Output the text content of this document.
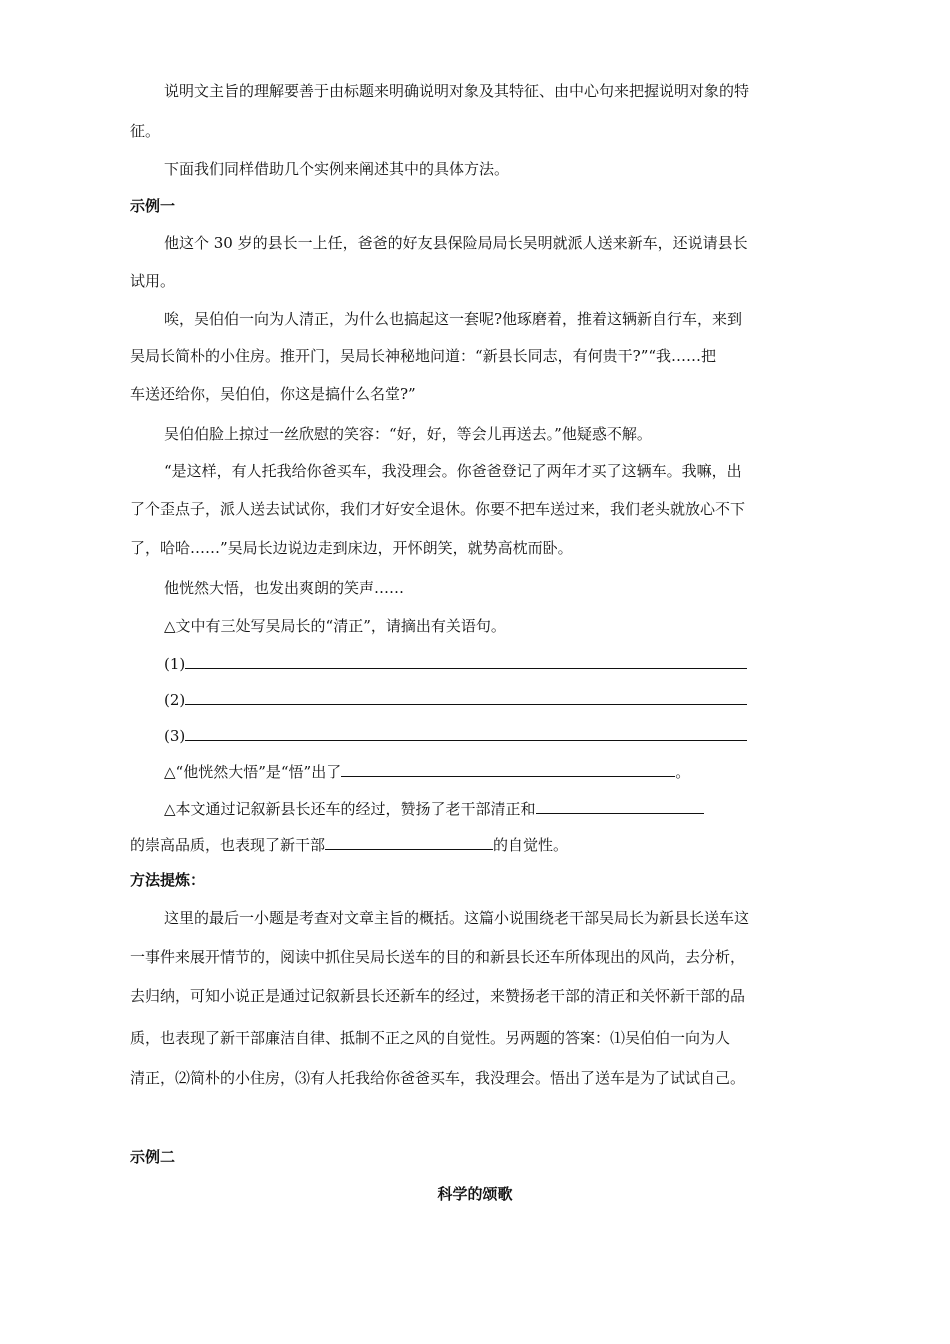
说明文主旨的理解要善于由标题来明确说明对象及其特征、由中心句来把握说明对象的特
征。
下面我们同样借助几个实例来阐述其中的具体方法。
示例一
他这个 30 岁的县长一上任，爸爸的好友县保险局局长吴明就派人送来新车，还说请县长
试用。
唉，吴伯伯一向为人清正，为什么也搞起这一套呢?他琢磨着，推着这辆新自行车，来到
吴局长简朴的小住房。推开门，吴局长神秘地问道：“新县长同志，有何贵干?”“我……把
车送还给你，吴伯伯，你这是搞什么名堂?”
吴伯伯脸上掠过一丝欣慰的笑容：“好，好，等会儿再送去。”他疑惑不解。
“是这样，有人托我给你爸买车，我没理会。你爸爸登记了两年才买了这辆车。我嘛，出
了个歪点子，派人送去试试你，我们才好安全退休。你要不把车送过来，我们老头就放心不下
了，哈哈……”吴局长边说边走到床边，开怀朗笑，就势高枕而卧。
他恍然大悟，也发出爽朗的笑声……
△文中有三处写吴局长的“清正”，请摘出有关语句。
(1)
(2)
(3)
△“他恍然大悟”是“悟”出了	。
△本文通过记叙新县长还车的经过，赞扬了老干部清正和
的崇高品质，也表现了新干部	的自觉性。
方法提炼：
这里的最后一小题是考查对文章主旨的概括。这篇小说围绕老干部吴局长为新县长送车这
一事件来展开情节的，阅读中抓住吴局长送车的目的和新县长还车所体现出的风尚，去分析，
去归纳，可知小说正是通过记叙新县长还新车的经过，来赞扬老干部的清正和关怀新干部的品
质，也表现了新干部廉洁自律、抵制不正之风的自觉性。另两题的答案：⑴吴伯伯一向为人
清正，⑵简朴的小住房，⑶有人托我给你爸爸买车，我没理会。悟出了送车是为了试试自己。
示例二
科学的颂歌
